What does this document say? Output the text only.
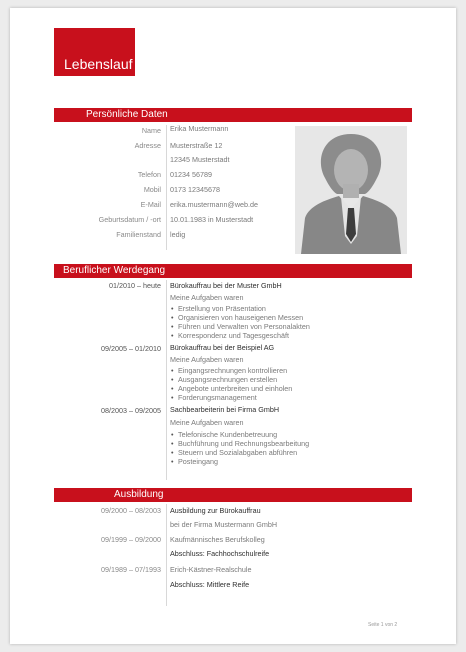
Lebenslauf
Persönliche Daten
Name Erika Mustermann
Adresse Musterstraße 12
12345 Musterstadt
Telefon 01234 56789
Mobil 0173 12345678
E-Mail erika.mustermann@web.de
Geburtsdatum / -ort 10.01.1983 in Musterstadt
Familienstand ledig
Beruflicher Werdegang
01/2010 – heute Bürokauffrau bei der Muster GmbH
Meine Aufgaben waren
• Erstellung von Präsentation
• Organisieren von hauseigenen Messen
• Führen und Verwalten von Personalakten
• Korrespondenz und Tagesgeschäft
09/2005 – 01/2010 Bürokauffrau bei der Beispiel AG
Meine Aufgaben waren
• Eingangsrechnungen kontrollieren
• Ausgangsrechnungen erstellen
• Angebote unterbreiten und einholen
• Forderungsmanagement
08/2003 – 09/2005 Sachbearbeiterin bei Firma GmbH
Meine Aufgaben waren
• Telefonische Kundenbetreuung
• Buchführung und Rechnungsbearbeitung
• Steuern und Sozialabgaben abführen
• Posteingang
Ausbildung
09/2000 – 08/2003 Ausbildung zur Bürokauffrau
bei der Firma Mustermann GmbH
09/1999 – 09/2000 Kaufmännisches Berufskolleg
Abschluss: Fachhochschulreife
09/1989 – 07/1993 Erich-Kästner-Realschule
Abschluss: Mittlere Reife
Seite 1 von 2
